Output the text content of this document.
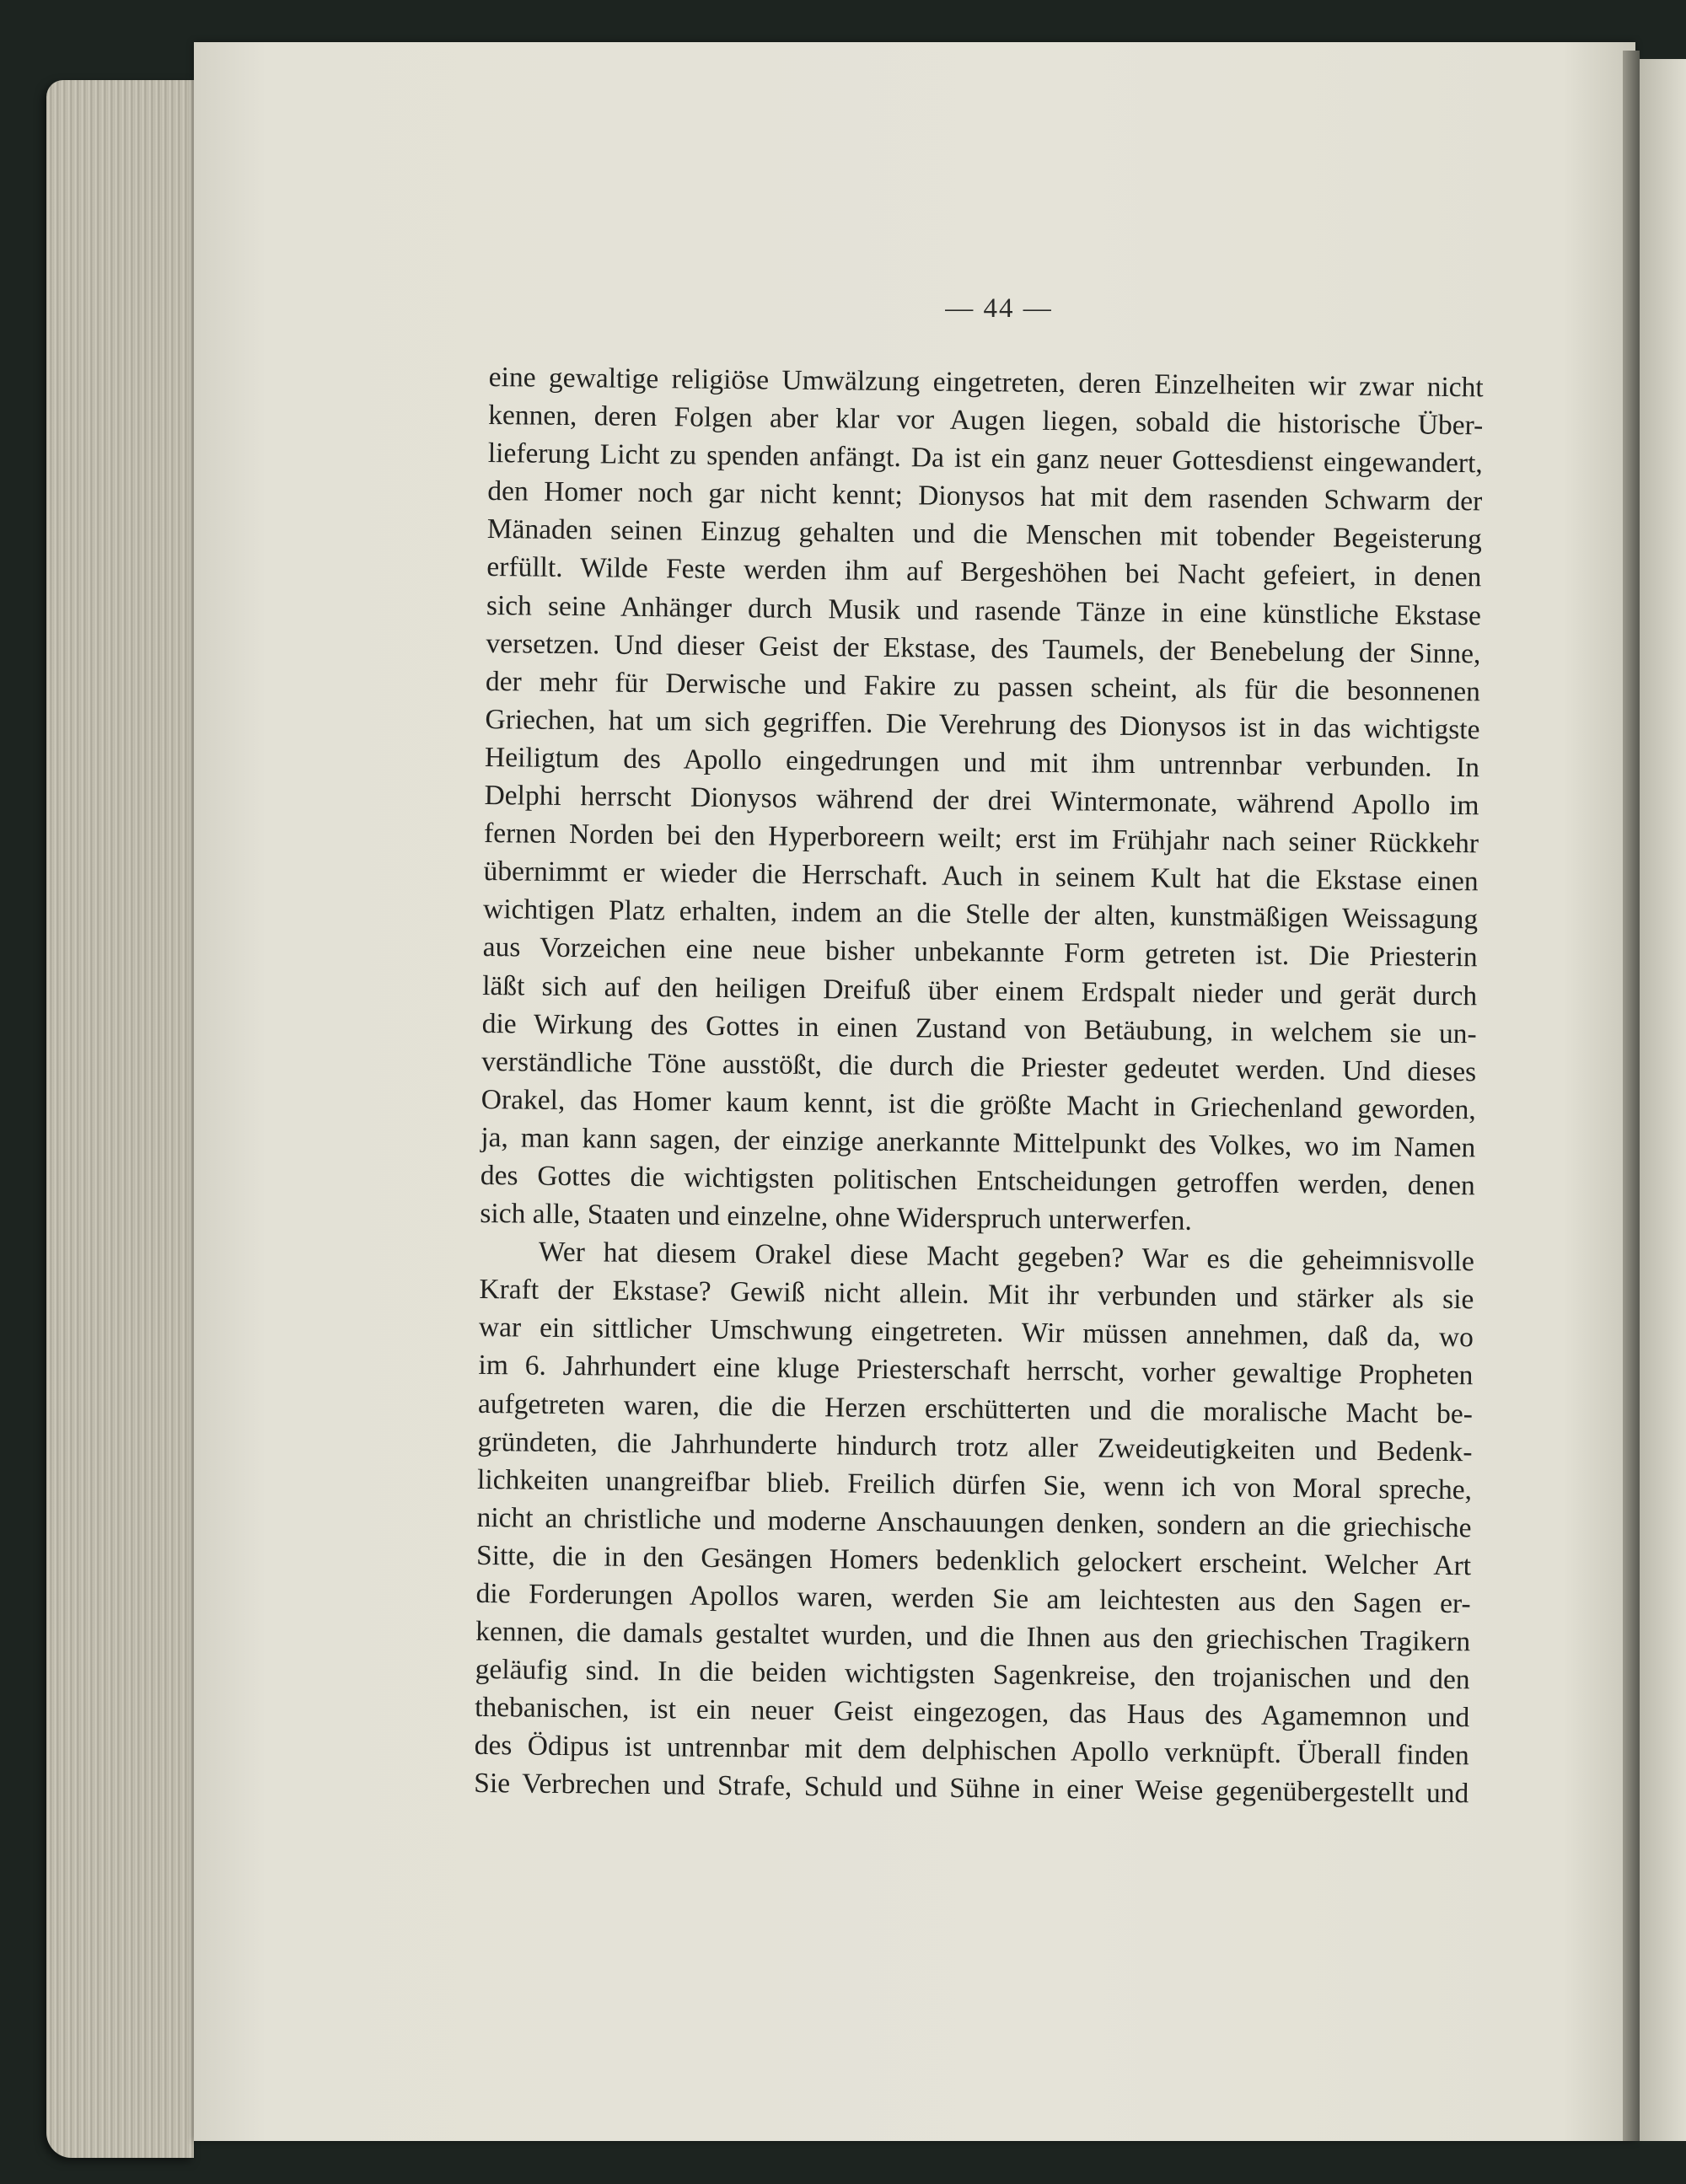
— 44 —
eine gewaltige religiöse Umwälzung eingetreten, deren Einzelheiten wir zwar nicht
kennen, deren Folgen aber klar vor Augen liegen, sobald die historische Über-
lieferung Licht zu spenden anfängt. Da ist ein ganz neuer Gottesdienst eingewandert,
den Homer noch gar nicht kennt; Dionysos hat mit dem rasenden Schwarm der
Mänaden seinen Einzug gehalten und die Menschen mit tobender Begeisterung
erfüllt. Wilde Feste werden ihm auf Bergeshöhen bei Nacht gefeiert, in denen
sich seine Anhänger durch Musik und rasende Tänze in eine künstliche Ekstase
versetzen. Und dieser Geist der Ekstase, des Taumels, der Benebelung der Sinne,
der mehr für Derwische und Fakire zu passen scheint, als für die besonnenen
Griechen, hat um sich gegriffen. Die Verehrung des Dionysos ist in das wichtigste
Heiligtum des Apollo eingedrungen und mit ihm untrennbar verbunden. In
Delphi herrscht Dionysos während der drei Wintermonate, während Apollo im
fernen Norden bei den Hyperboreern weilt; erst im Frühjahr nach seiner Rückkehr
übernimmt er wieder die Herrschaft. Auch in seinem Kult hat die Ekstase einen
wichtigen Platz erhalten, indem an die Stelle der alten, kunstmäßigen Weissagung
aus Vorzeichen eine neue bisher unbekannte Form getreten ist. Die Priesterin
läßt sich auf den heiligen Dreifuß über einem Erdspalt nieder und gerät durch
die Wirkung des Gottes in einen Zustand von Betäubung, in welchem sie un-
verständliche Töne ausstößt, die durch die Priester gedeutet werden. Und dieses
Orakel, das Homer kaum kennt, ist die größte Macht in Griechenland geworden,
ja, man kann sagen, der einzige anerkannte Mittelpunkt des Volkes, wo im Namen
des Gottes die wichtigsten politischen Entscheidungen getroffen werden, denen
sich alle, Staaten und einzelne, ohne Widerspruch unterwerfen.
Wer hat diesem Orakel diese Macht gegeben? War es die geheimnisvolle
Kraft der Ekstase? Gewiß nicht allein. Mit ihr verbunden und stärker als sie
war ein sittlicher Umschwung eingetreten. Wir müssen annehmen, daß da, wo
im 6. Jahrhundert eine kluge Priesterschaft herrscht, vorher gewaltige Propheten
aufgetreten waren, die die Herzen erschütterten und die moralische Macht be-
gründeten, die Jahrhunderte hindurch trotz aller Zweideutigkeiten und Bedenk-
lichkeiten unangreifbar blieb. Freilich dürfen Sie, wenn ich von Moral spreche,
nicht an christliche und moderne Anschauungen denken, sondern an die griechische
Sitte, die in den Gesängen Homers bedenklich gelockert erscheint. Welcher Art
die Forderungen Apollos waren, werden Sie am leichtesten aus den Sagen er-
kennen, die damals gestaltet wurden, und die Ihnen aus den griechischen Tragikern
geläufig sind. In die beiden wichtigsten Sagenkreise, den trojanischen und den
thebanischen, ist ein neuer Geist eingezogen, das Haus des Agamemnon und
des Ödipus ist untrennbar mit dem delphischen Apollo verknüpft. Überall finden
Sie Verbrechen und Strafe, Schuld und Sühne in einer Weise gegenübergestellt und
